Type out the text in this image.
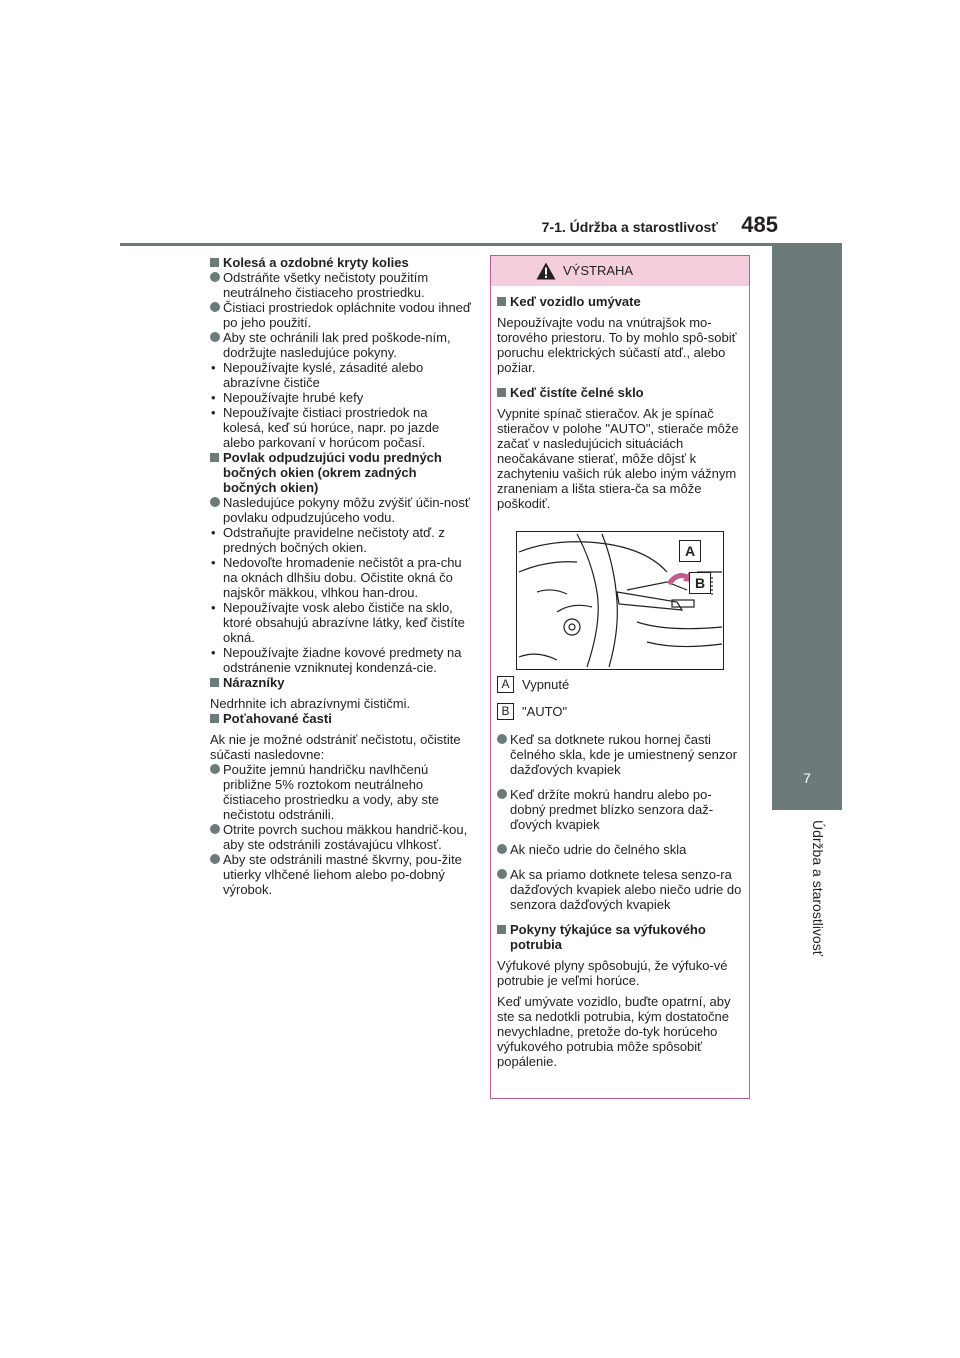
7-1. Údržba a starostlivosť	485
7
Údržba a starostlivosť

Kolesá a ozdobné kryty kolies

Odstráňte všetky nečistoty použitím neutrálneho čistiaceho prostriedku.

Čistiaci prostriedok opláchnite vodou ihneď po jeho použití.

Aby ste ochránili lak pred poškode-ním, dodržujte nasledujúce pokyny.

• Nepoužívajte kyslé, zásadité alebo abrazívne čističe

• Nepoužívajte hrubé kefy

• Nepoužívajte čistiaci prostriedok na kolesá, keď sú horúce, napr. po jazde alebo parkovaní v horúcom počasí.

Povlak odpudzujúci vodu predných bočných okien (okrem zadných bočných okien)

Nasledujúce pokyny môžu zvýšiť účin-nosť povlaku odpudzujúceho vodu.

• Odstraňujte pravidelne nečistoty atď. z predných bočných okien.

• Nedovoľte hromadenie nečistôt a pra-chu na oknách dlhšiu dobu. Očistite okná čo najskôr mäkkou, vlhkou han-drou.

• Nepoužívajte vosk alebo čističe na sklo, ktoré obsahujú abrazívne látky, keď čistíte okná.

• Nepoužívajte žiadne kovové predmety na odstránenie vzniknutej kondenzá-cie.

Nárazníky

Nedrhnite ich abrazívnymi čističmi.

Poťahované časti

Ak nie je možné odstrániť nečistotu, očistite súčasti nasledovne:

Použite jemnú handričku navlhčenú približne 5% roztokom neutrálneho čistiaceho prostriedku a vody, aby ste nečistotu odstránili.

Otrite povrch suchou mäkkou handrič-kou, aby ste odstránili zostávajúcu vlhkosť.

Aby ste odstránili mastné škvrny, pou-žite utierky vlhčené liehom alebo po-dobný výrobok.

VÝSTRAHA

Keď vozidlo umývate

Nepoužívajte vodu na vnútrajšok mo-torového priestoru. To by mohlo spô-sobiť poruchu elektrických súčastí atď., alebo požiar.

Keď čistíte čelné sklo

Vypnite spínač stieračov. Ak je spínač stieračov v polohe "AUTO", stierače môže začať v nasledujúcich situáciách neočakávane stierať, môže dôjsť k zachyteniu vašich rúk alebo iným vážnym zraneniam a lišta stiera-ča sa môže poškodiť.

A
B
A Vypnuté
B "AUTO"

Keď sa dotknete rukou hornej časti čelného skla, kde je umiestnený senzor dažďových kvapiek

Keď držíte mokrú handru alebo po-dobný predmet blízko senzora daž-ďových kvapiek

Ak niečo udrie do čelného skla

Ak sa priamo dotknete telesa senzo-ra dažďových kvapiek alebo niečo udrie do senzora dažďových kvapiek

Pokyny týkajúce sa výfukového potrubia

Výfukové plyny spôsobujú, že výfuko-vé potrubie je veľmi horúce.

Keď umývate vozidlo, buďte opatrní, aby ste sa nedotkli potrubia, kým dostatočne nevychladne, pretože do-tyk horúceho výfukového potrubia môže spôsobiť popálenie.
